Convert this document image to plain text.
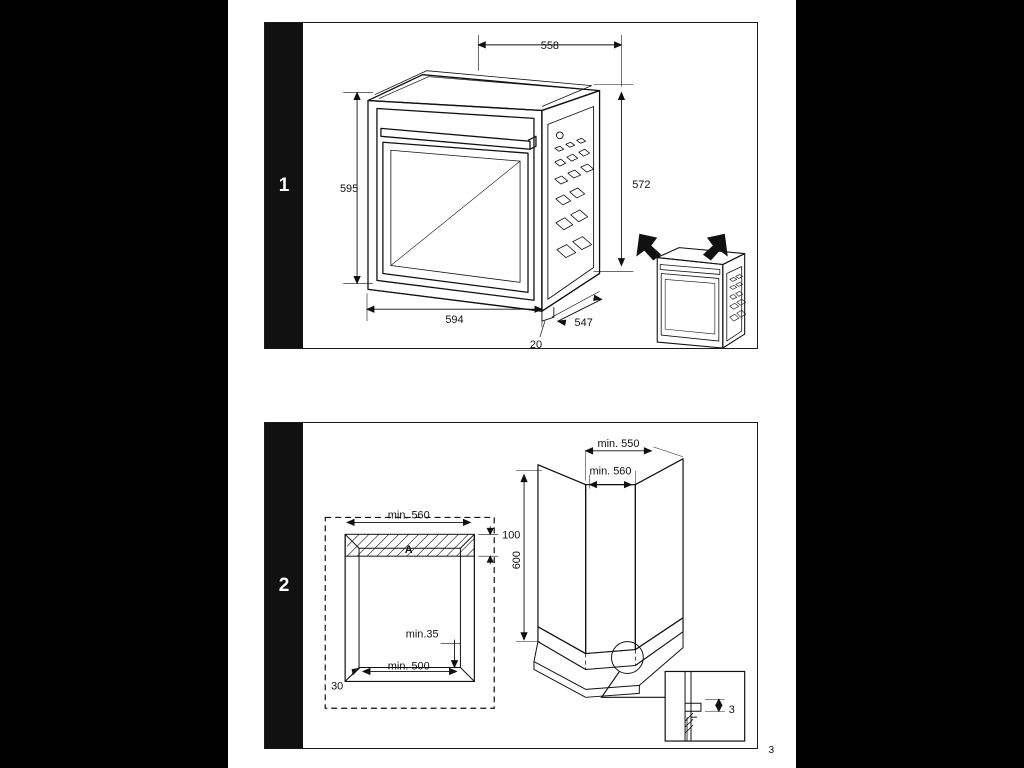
1
558
595	572
594	547
20
2
min. 560
100
A
min.35
min. 500
30
min. 550
min. 560
600
3
3
